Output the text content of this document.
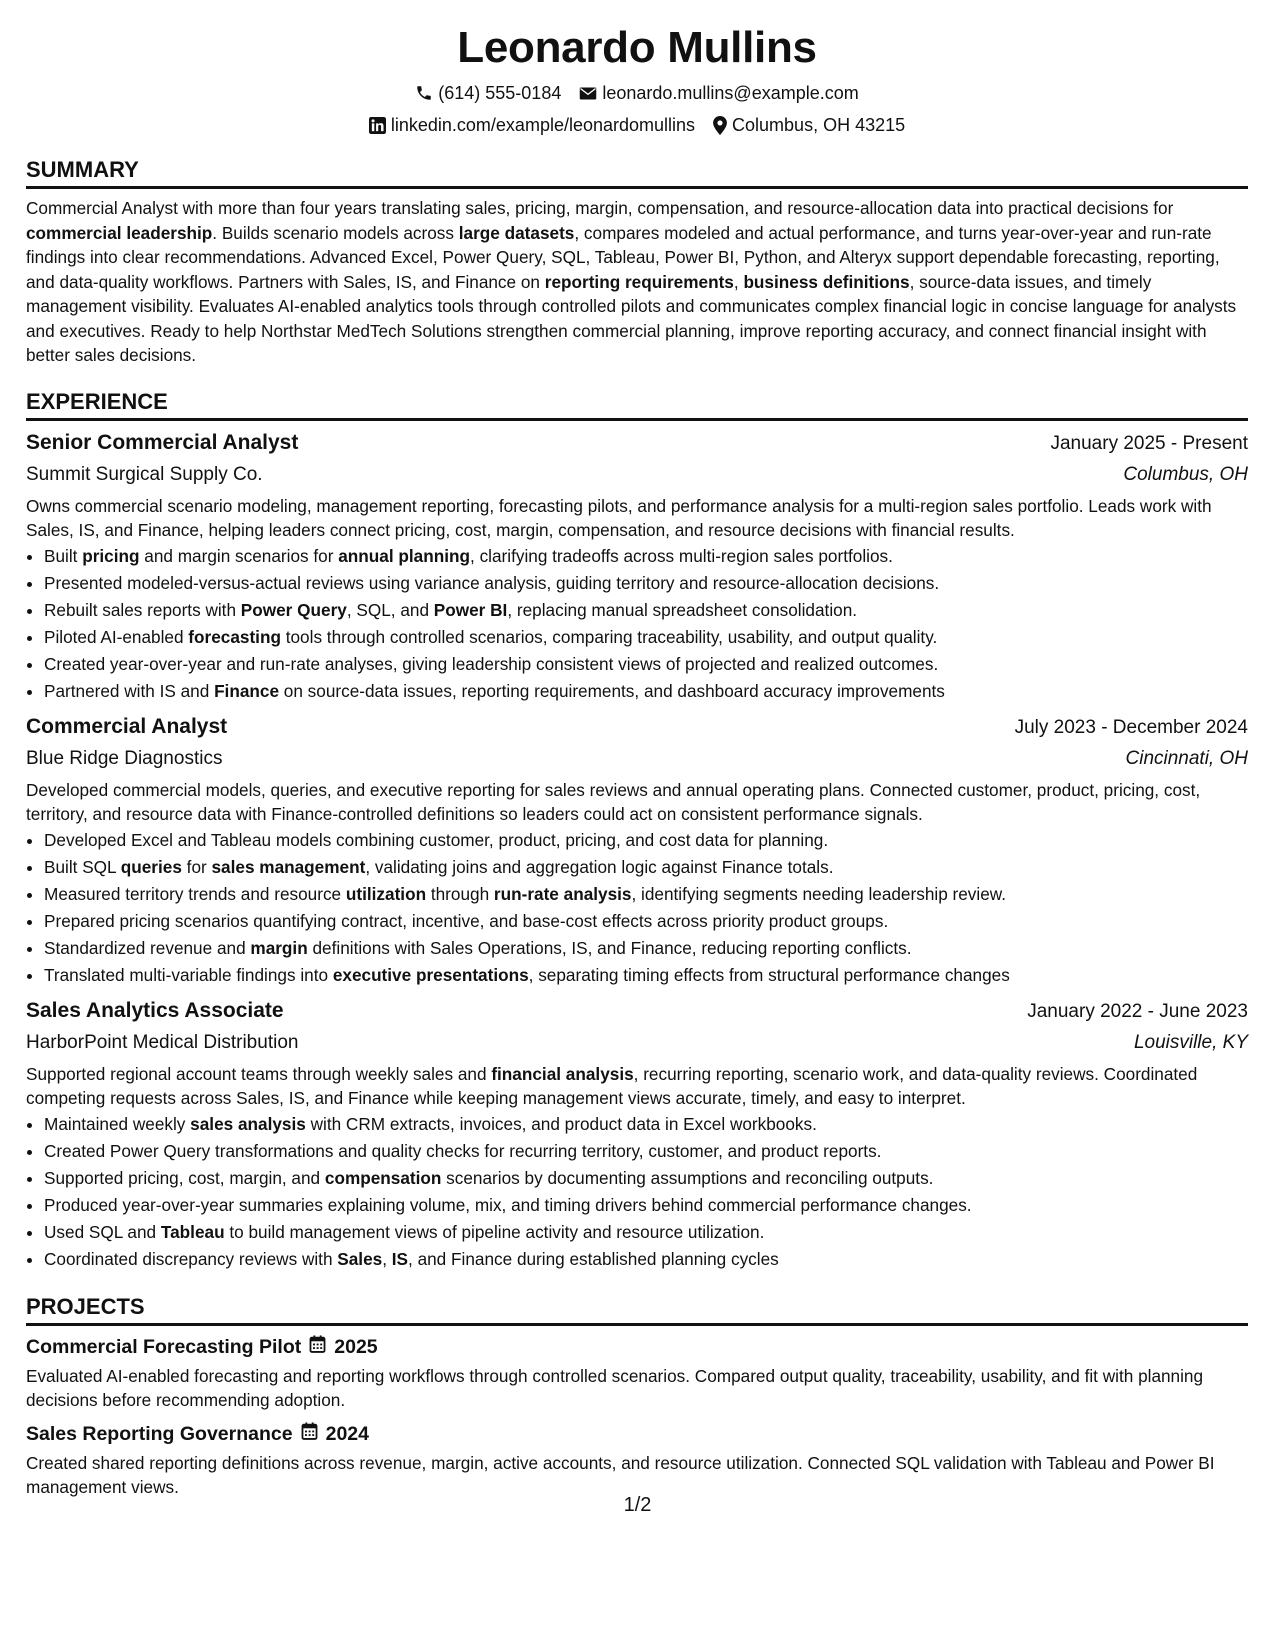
Leonardo Mullins
(614) 555-0184 leonardo.mullins@example.com
linkedin.com/example/leonardomullins Columbus, OH 43215
SUMMARY

Commercial Analyst with more than four years translating sales, pricing, margin, compensation, and resource-allocation data into practical decisions for commercial leadership. Builds scenario models across large datasets, compares modeled and actual performance, and turns year-over-year and run-rate findings into clear recommendations. Advanced Excel, Power Query, SQL, Tableau, Power BI, Python, and Alteryx support dependable forecasting, reporting, and data-quality workflows. Partners with Sales, IS, and Finance on reporting requirements, business definitions, source-data issues, and timely management visibility. Evaluates AI-enabled analytics tools through controlled pilots and communicates complex financial logic in concise language for analysts and executives. Ready to help Northstar MedTech Solutions strengthen commercial planning, improve reporting accuracy, and connect financial insight with better sales decisions.

EXPERIENCE
Senior Commercial Analyst	January 2025 - Present
Summit Surgical Supply Co.	Columbus, OH

Owns commercial scenario modeling, management reporting, forecasting pilots, and performance analysis for a multi-region sales portfolio. Leads work with Sales, IS, and Finance, helping leaders connect pricing, cost, margin, compensation, and resource decisions with financial results.

• Built pricing and margin scenarios for annual planning, clarifying tradeoffs across multi-region sales portfolios.
• Presented modeled-versus-actual reviews using variance analysis, guiding territory and resource-allocation decisions.
• Rebuilt sales reports with Power Query, SQL, and Power BI, replacing manual spreadsheet consolidation.
• Piloted AI-enabled forecasting tools through controlled scenarios, comparing traceability, usability, and output quality.
• Created year-over-year and run-rate analyses, giving leadership consistent views of projected and realized outcomes.
• Partnered with IS and Finance on source-data issues, reporting requirements, and dashboard accuracy improvements
Commercial Analyst	July 2023 - December 2024
Blue Ridge Diagnostics	Cincinnati, OH

Developed commercial models, queries, and executive reporting for sales reviews and annual operating plans. Connected customer, product, pricing, cost, territory, and resource data with Finance-controlled definitions so leaders could act on consistent performance signals.

• Developed Excel and Tableau models combining customer, product, pricing, and cost data for planning.
• Built SQL queries for sales management, validating joins and aggregation logic against Finance totals.
• Measured territory trends and resource utilization through run-rate analysis, identifying segments needing leadership review.
• Prepared pricing scenarios quantifying contract, incentive, and base-cost effects across priority product groups.
• Standardized revenue and margin definitions with Sales Operations, IS, and Finance, reducing reporting conflicts.
• Translated multi-variable findings into executive presentations, separating timing effects from structural performance changes
Sales Analytics Associate	January 2022 - June 2023
HarborPoint Medical Distribution	Louisville, KY

Supported regional account teams through weekly sales and financial analysis, recurring reporting, scenario work, and data-quality reviews. Coordinated competing requests across Sales, IS, and Finance while keeping management views accurate, timely, and easy to interpret.

• Maintained weekly sales analysis with CRM extracts, invoices, and product data in Excel workbooks.
• Created Power Query transformations and quality checks for recurring territory, customer, and product reports.
• Supported pricing, cost, margin, and compensation scenarios by documenting assumptions and reconciling outputs.
• Produced year-over-year summaries explaining volume, mix, and timing drivers behind commercial performance changes.
• Used SQL and Tableau to build management views of pipeline activity and resource utilization.
• Coordinated discrepancy reviews with Sales, IS, and Finance during established planning cycles
PROJECTS
Commercial Forecasting Pilot 2025

Evaluated AI-enabled forecasting and reporting workflows through controlled scenarios. Compared output quality, traceability, usability, and fit with planning decisions before recommending adoption.

Sales Reporting Governance 2024

Created shared reporting definitions across revenue, margin, active accounts, and resource utilization. Connected SQL validation with Tableau and Power BI management views.

1/2
